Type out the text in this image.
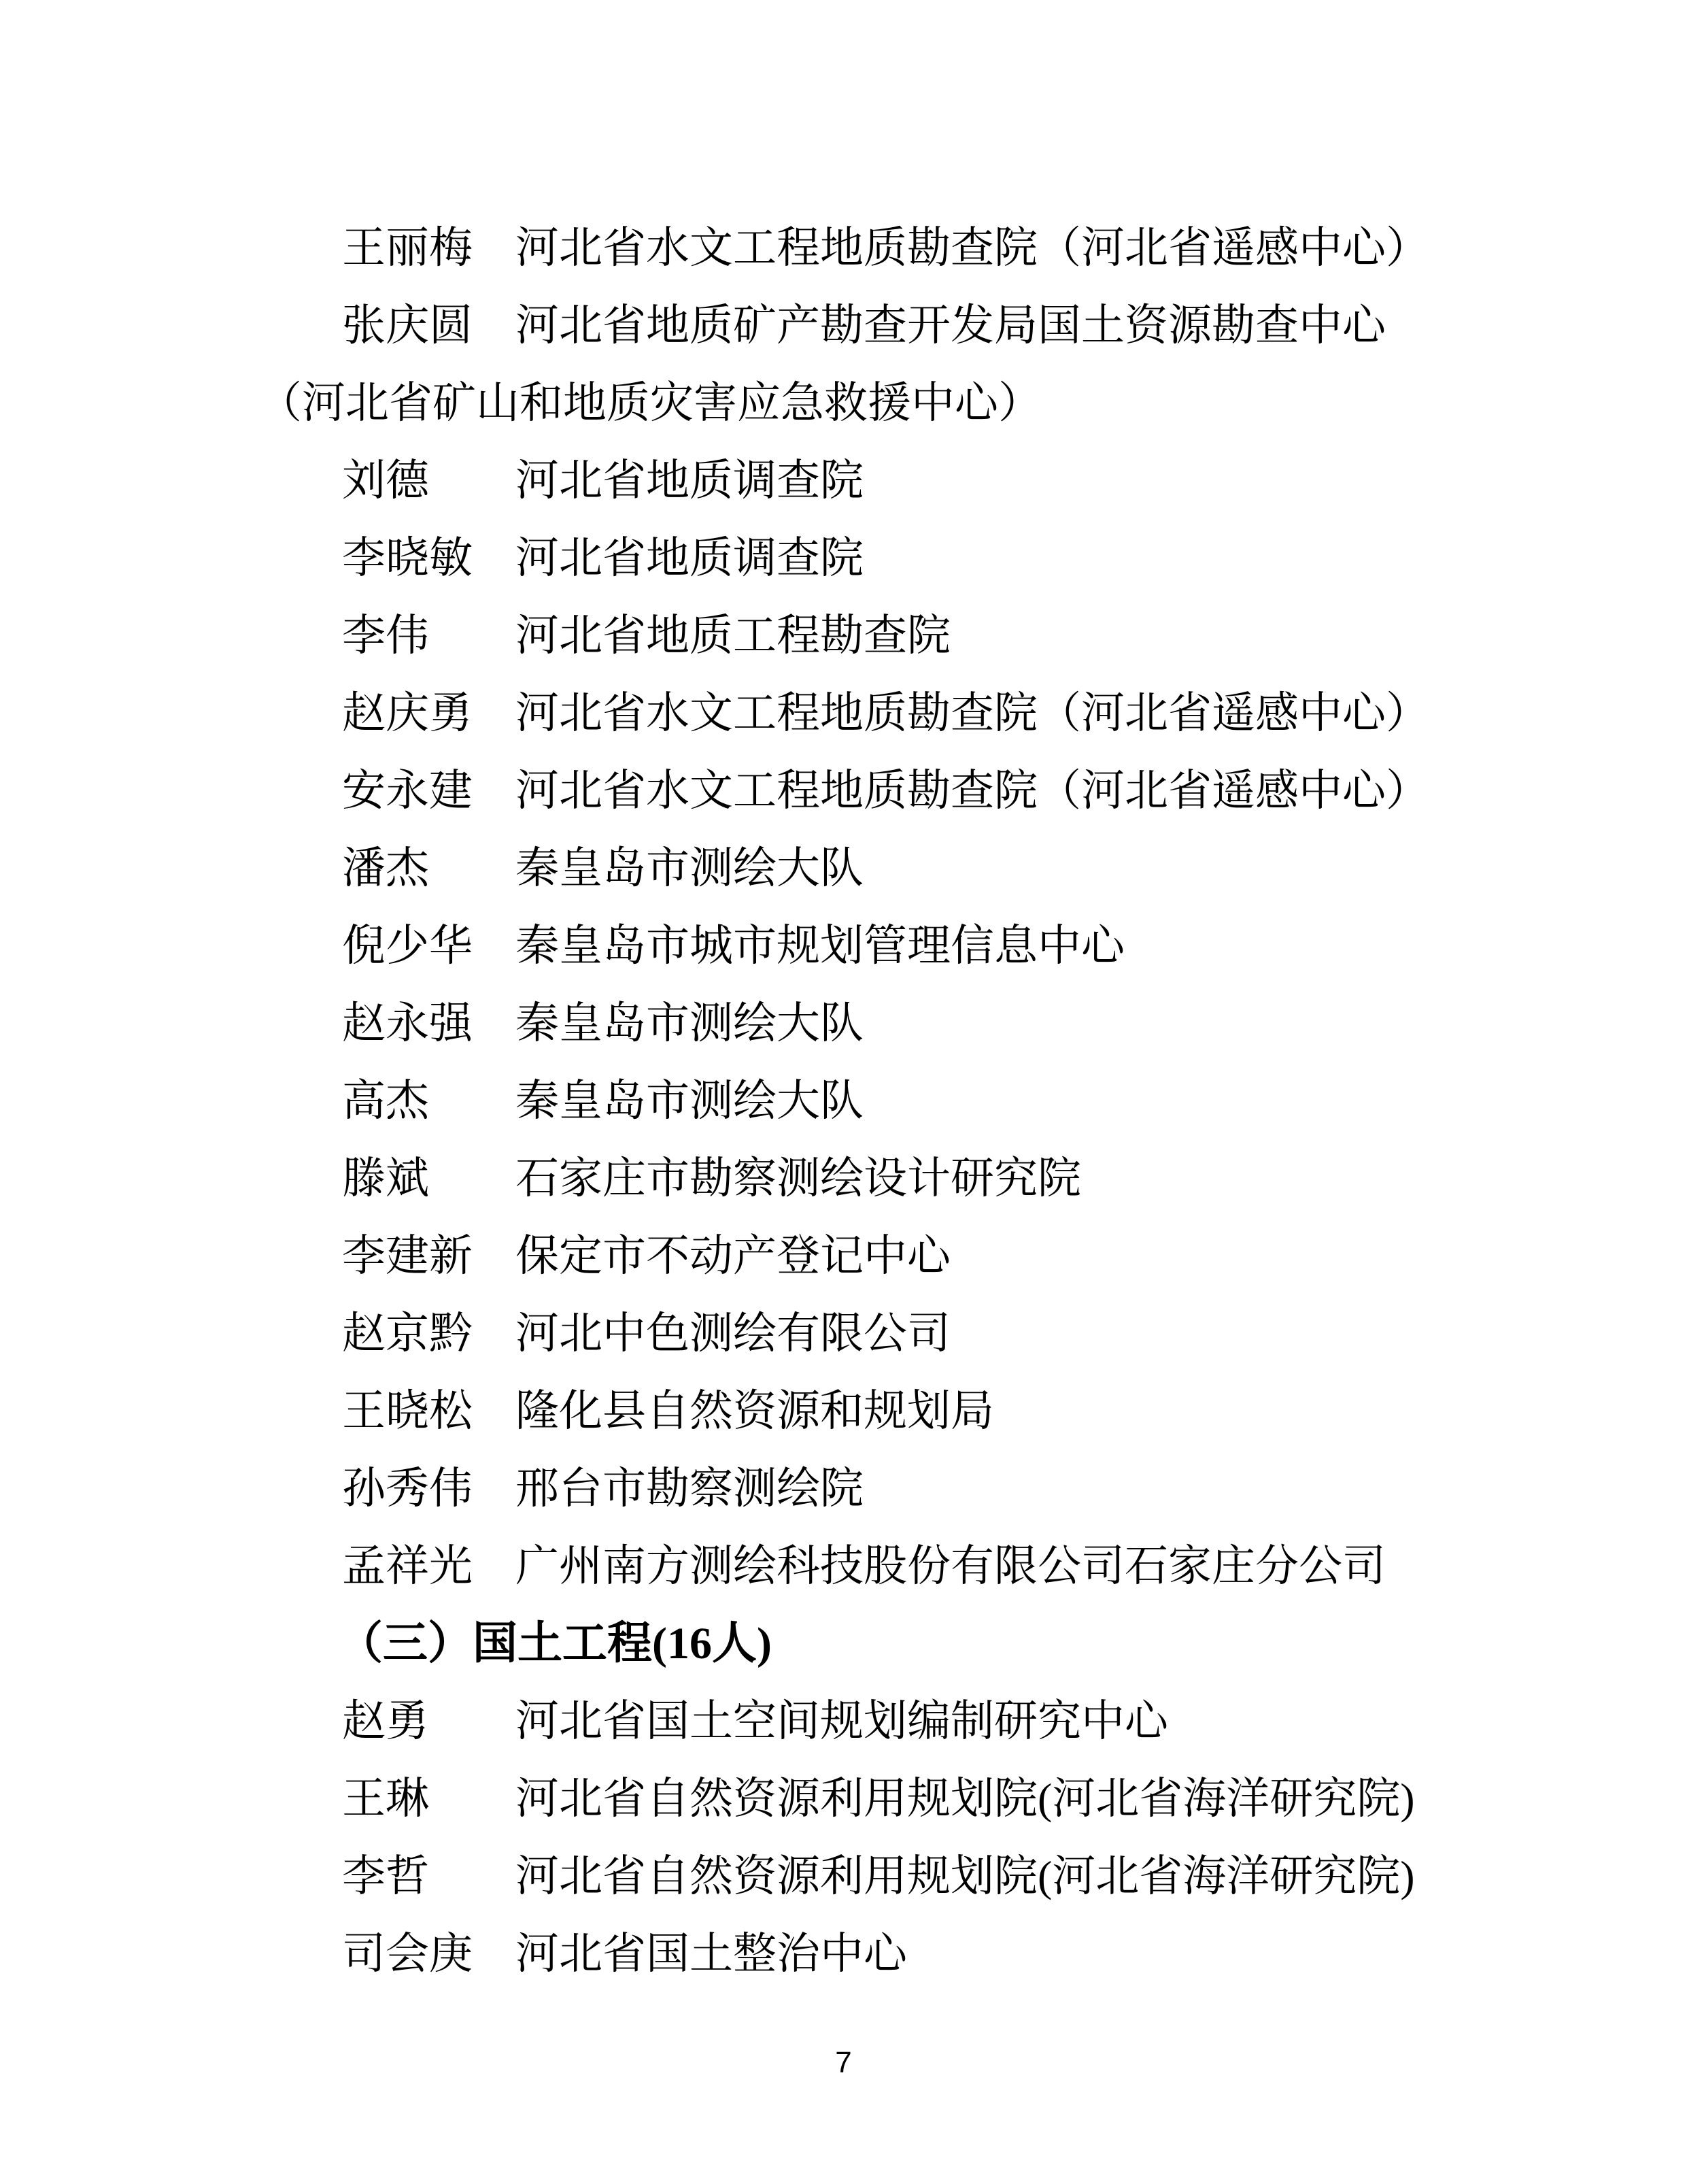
王丽梅 河北省水文工程地质勘查院（河北省遥感中心）
张庆圆 河北省地质矿产勘查开发局国土资源勘查中心
（河北省矿山和地质灾害应急救援中心）
刘德	河北省地质调查院
李晓敏 河北省地质调查院
李伟	河北省地质工程勘查院
赵庆勇 河北省水文工程地质勘查院（河北省遥感中心）
安永建 河北省水文工程地质勘查院（河北省遥感中心）
潘杰	秦皇岛市测绘大队
倪少华 秦皇岛市城市规划管理信息中心
赵永强 秦皇岛市测绘大队
高杰	秦皇岛市测绘大队
滕斌	石家庄市勘察测绘设计研究院
李建新 保定市不动产登记中心
赵京黔 河北中色测绘有限公司
王晓松 隆化县自然资源和规划局
孙秀伟 邢台市勘察测绘院
孟祥光 广州南方测绘科技股份有限公司石家庄分公司
（三）国土工程(16人)
赵勇	河北省国土空间规划编制研究中心
王琳	河北省自然资源利用规划院(河北省海洋研究院)
李哲	河北省自然资源利用规划院(河北省海洋研究院)
司会庚 河北省国土整治中心
7
